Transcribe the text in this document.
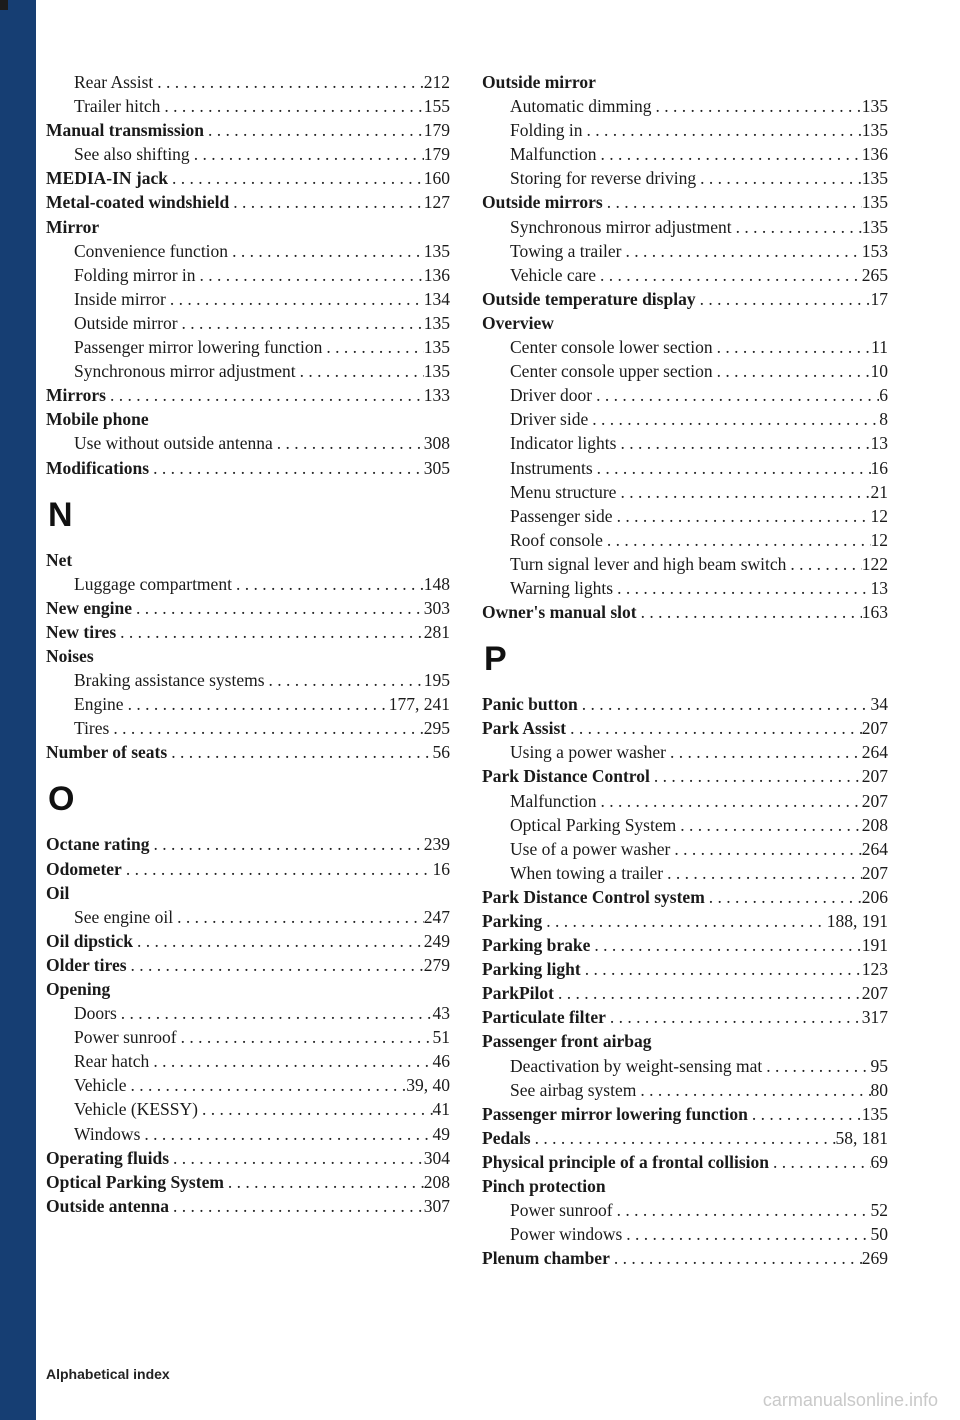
Rear Assist . . .	212
Trailer hitch . . .	155
Manual transmission . . .	179
See also shifting . . .	179
MEDIA-IN jack . . .	160
Metal-coated windshield . . .	127
Mirror
Convenience function . . .	135
Folding mirror in . . .	136
Inside mirror . . .	134
Outside mirror . . .	135
Passenger mirror lowering function . . .	135
Synchronous mirror adjustment . . .	135
Mirrors . . .	133
Mobile phone
Use without outside antenna . . .	308
Modifications . . .	305
N
Net
Luggage compartment . . .	148
New engine . . .	303
New tires . . .	281
Noises
Braking assistance systems . . .	195
Engine . . .	177, 241
Tires . . .	295
Number of seats . . .	56
O
Octane rating . . .	239
Odometer . . .	16
Oil
See engine oil . . .	247
Oil dipstick . . .	249
Older tires . . .	279
Opening
Doors . . .	43
Power sunroof . . .	51
Rear hatch . . .	46
Vehicle . . .	39, 40
Vehicle (KESSY) . . .	41
Windows . . .	49
Operating fluids . . .	304
Optical Parking System . . .	208
Outside antenna . . .	307
Outside mirror
Automatic dimming . . .	135
Folding in . . .	135
Malfunction . . .	136
Storing for reverse driving . . .	135
Outside mirrors . . .	135
Synchronous mirror adjustment . . .	135
Towing a trailer . . .	153
Vehicle care . . .	265
Outside temperature display . . .	17
Overview
Center console lower section . . .	11
Center console upper section . . .	10
Driver door . . .	6
Driver side . . .	8
Indicator lights . . .	13
Instruments . . .	16
Menu structure . . .	21
Passenger side . . .	12
Roof console . . .	12
Turn signal lever and high beam switch . . .	122
Warning lights . . .	13
Owner's manual slot . . .	163
P
Panic button . . .	34
Park Assist . . .	207
Using a power washer . . .	264
Park Distance Control . . .	207
Malfunction . . .	207
Optical Parking System . . .	208
Use of a power washer . . .	264
When towing a trailer . . .	207
Park Distance Control system . . .	206
Parking . . .	188, 191
Parking brake . . .	191
Parking light . . .	123
ParkPilot . . .	207
Particulate filter . . .	317
Passenger front airbag
Deactivation by weight-sensing mat . . .	95
See airbag system . . .	80
Passenger mirror lowering function . . .	135
Pedals . . .	58, 181
Physical principle of a frontal collision . . .	69
Pinch protection
Power sunroof . . .	52
Power windows . . .	50
Plenum chamber . . .	269
Alphabetical index
carmanualsonline.info
